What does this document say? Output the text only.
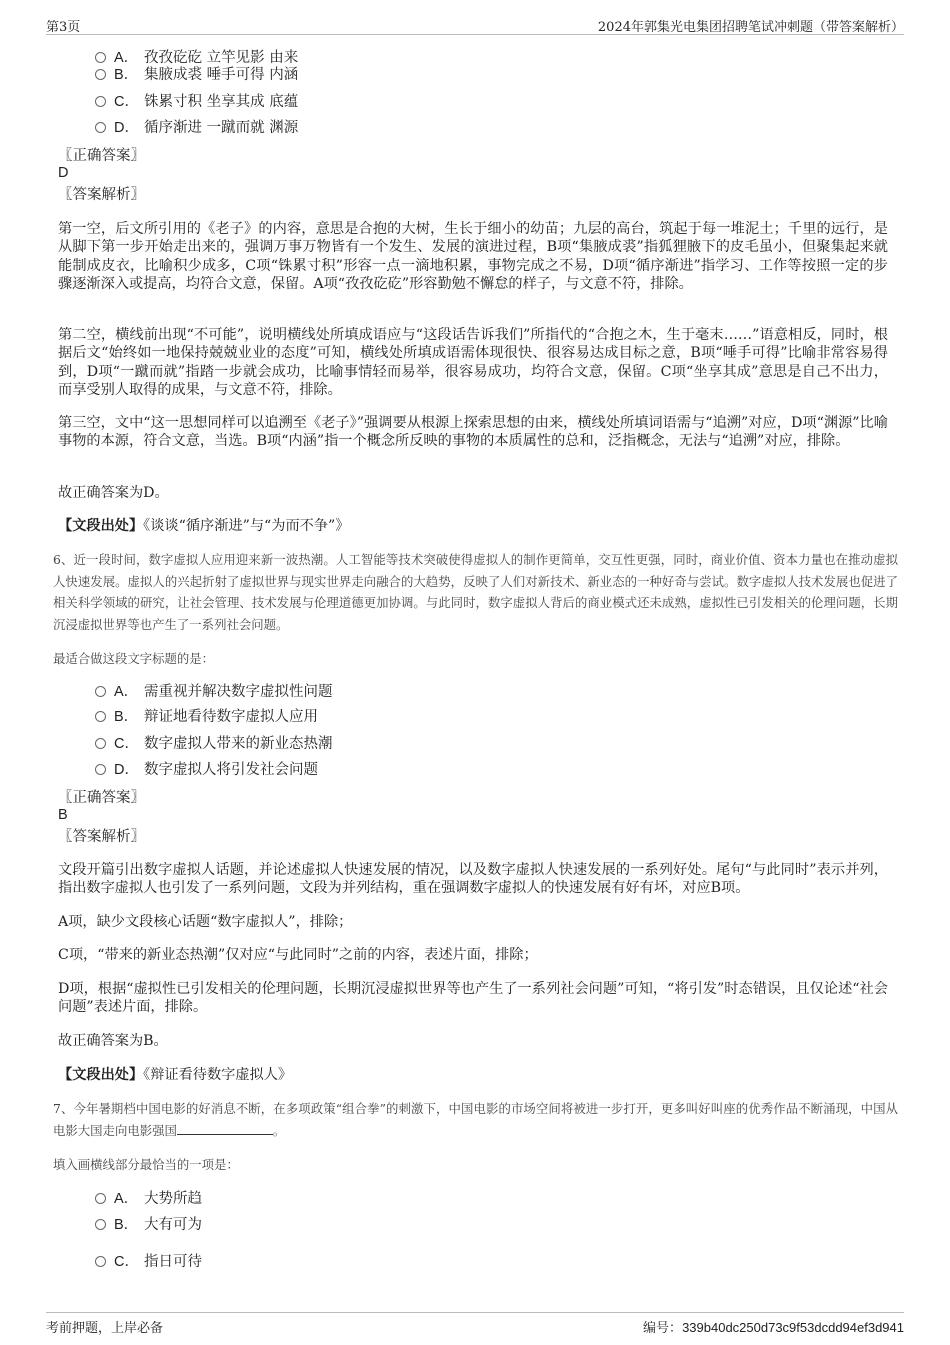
第3页	2024年郭集光电集团招聘笔试冲刺题（带答案解析）
A． 孜孜矻矻 立竿见影 由来
B． 集腋成裘 唾手可得 内涵
C． 铢累寸积 坐享其成 底蕴
D． 循序渐进 一蹴而就 渊源
〖正确答案〗
D
〖答案解析〗

第一空，后文所引用的《老子》的内容，意思是合抱的大树，生长于细小的幼苗；九层的高台，筑起于每一堆泥土；千里的远行，是从脚下第一步开始走出来的，强调万事万物皆有一个发生、发展的演进过程，B项“集腋成裘”指狐狸腋下的皮毛虽小，但聚集起来就能制成皮衣，比喻积少成多，C项“铢累寸积”形容一点一滴地积累，事物完成之不易，D项“循序渐进”指学习、工作等按照一定的步骤逐渐深入或提高，均符合文意，保留。A项“孜孜矻矻”形容勤勉不懈怠的样子，与文意不符，排除。

第二空，横线前出现“不可能”，说明横线处所填成语应与“这段话告诉我们”所指代的“合抱之木，生于毫末……”语意相反，同时，根据后文“始终如一地保持兢兢业业的态度”可知，横线处所填成语需体现很快、很容易达成目标之意，B项“唾手可得”比喻非常容易得到，D项“一蹴而就”指踏一步就会成功，比喻事情轻而易举，很容易成功，均符合文意，保留。C项“坐享其成”意思是自己不出力，而享受别人取得的成果，与文意不符，排除。

第三空，文中“这一思想同样可以追溯至《老子》”强调要从根源上探索思想的由来，横线处所填词语需与“追溯”对应，D项“渊源”比喻事物的本源，符合文意，当选。B项“内涵”指一个概念所反映的事物的本质属性的总和，泛指概念，无法与“追溯”对应，排除。

故正确答案为D。

【文段出处】《谈谈“循序渐进”与“为而不争”》

6、近一段时间，数字虚拟人应用迎来新一波热潮。人工智能等技术突破使得虚拟人的制作更简单，交互性更强，同时，商业价值、资本力量也在推动虚拟人快速发展。虚拟人的兴起折射了虚拟世界与现实世界走向融合的大趋势，反映了人们对新技术、新业态的一种好奇与尝试。数字虚拟人技术发展也促进了相关科学领域的研究，让社会管理、技术发展与伦理道德更加协调。与此同时，数字虚拟人背后的商业模式还未成熟，虚拟性已引发相关的伦理问题，长期沉浸虚拟世界等也产生了一系列社会问题。

最适合做这段文字标题的是：
A． 需重视并解决数字虚拟性问题
B． 辩证地看待数字虚拟人应用
C． 数字虚拟人带来的新业态热潮
D． 数字虚拟人将引发社会问题
〖正确答案〗
B
〖答案解析〗

文段开篇引出数字虚拟人话题，并论述虚拟人快速发展的情况，以及数字虚拟人快速发展的一系列好处。尾句“与此同时”表示并列，指出数字虚拟人也引发了一系列问题，文段为并列结构，重在强调数字虚拟人的快速发展有好有坏，对应B项。

A项，缺少文段核心话题“数字虚拟人”，排除；

C项，“带来的新业态热潮”仅对应“与此同时”之前的内容，表述片面，排除；

D项，根据“虚拟性已引发相关的伦理问题，长期沉浸虚拟世界等也产生了一系列社会问题”可知，“将引发”时态错误，且仅论述“社会问题”表述片面，排除。

故正确答案为B。

【文段出处】《辩证看待数字虚拟人》

7、今年暑期档中国电影的好消息不断，在多项政策“组合拳”的刺激下，中国电影的市场空间将被进一步打开，更多叫好叫座的优秀作品不断涌现，中国从电影大国走向电影强国	。

填入画横线部分最恰当的一项是：
A． 大势所趋
B． 大有可为
C． 指日可待
考前押题，上岸必备	编号：339b40dc250d73c9f53dcdd94ef3d941
